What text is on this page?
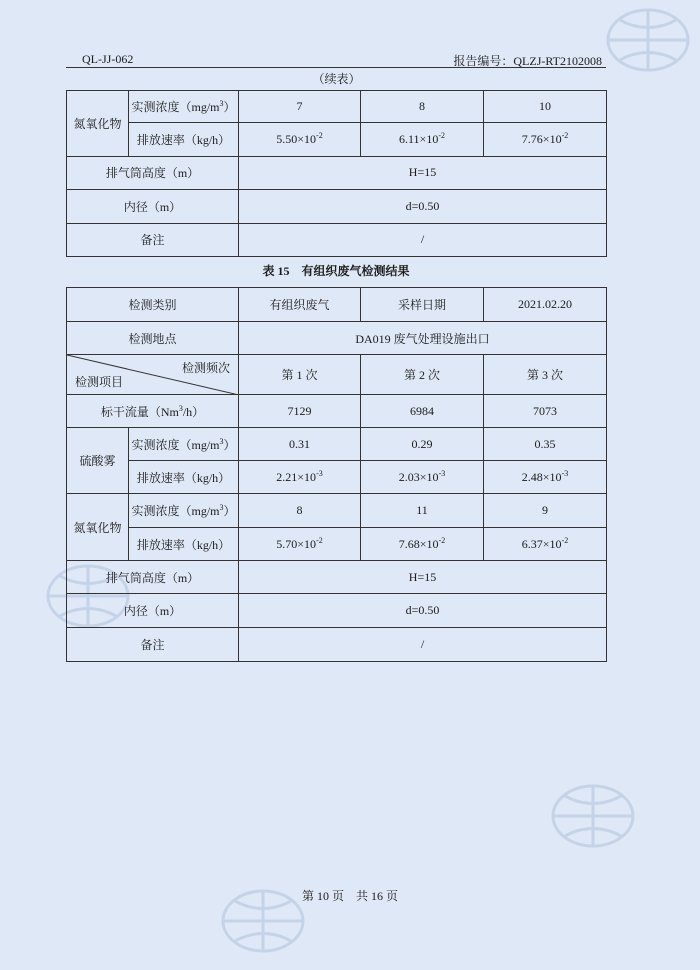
QL-JJ-062	报告编号：QLZJ-RT2102008
（续表）				
氮氧化物	实测浓度$(mg/m^3)$	7	8	10
	排放速率（kg/h）	$5.50\times 10^{-2}$	$6.11\times 10^{-2}$	$7.76\times 10^{-2}$
排气筒高度（m）		H=15		
内径（m）		d=0.50		
备注		/		
表 15　有组织废气检测结果
检测类别		有组织废气	采样日期	2021.02.20
检测地点		DA019 废气处理设施出口		

检测频次
检测项目		第 1 次	第 2 次	第 3 次
标干流量（Nm$^3$/h）		7129	6984	7073
硫酸雾	实测浓度$(mg/m^3)$	0.31	0.29	0.35
	排放速率（kg/h）	$2.21\times 10^{-3}$	$2.03\times 10^{-3}$	$2.48\times 10^{-3}$
氮氧化物	实测浓度$(mg/m^3)$	8	11	9
	排放速率（kg/h）	$5.70\times 10^{-2}$	$7.68\times 10^{-2}$	$6.37\times 10^{-2}$
排气筒高度（m）		H=15		
内径（m）		d=0.50		
备注		/		
第 10 页　共 16 页
